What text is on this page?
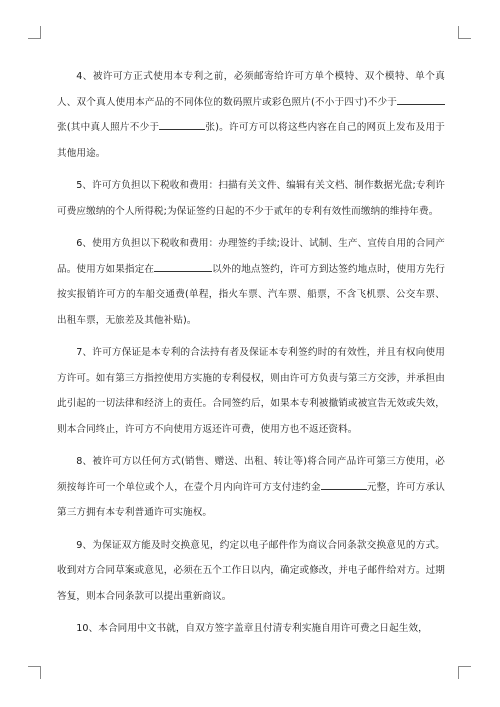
4、被许可方正式使用本专利之前，必须邮寄给许可方单个模特、双个模特、单个真人、双个真人使用本产品的不同体位的数码照片或彩色照片(不小于四寸)不少于张(其中真人照片不少于	张)。许可方可以将这些内容在自己的网页上发布及用于其他用途。

5、许可方负担以下税收和费用：扫描有关文件、编辑有关文档、制作数据光盘;专利许可费应缴纳的个人所得税;为保证签约日起的不少于贰年的专利有效性而缴纳的维持年费。

6、使用方负担以下税收和费用：办理签约手续;设计、试制、生产、宣传自用的合同产品。使用方如果指定在	以外的地点签约，许可方到达签约地点时，使用方先行按实报销许可方的车船交通费(单程，指火车票、汽车票、船票，不含飞机票、公交车票、出租车票，无旅差及其他补贴)。

7、许可方保证是本专利的合法持有者及保证本专利签约时的有效性，并且有权向使用方许可。如有第三方指控使用方实施的专利侵权，则由许可方负责与第三方交涉，并承担由此引起的一切法律和经济上的责任。合同签约后，如果本专利被撤销或被宣告无效或失效，则本合同终止，许可方不向使用方返还许可费，使用方也不返还资料。

8、被许可方以任何方式(销售、赠送、出租、转让等)将合同产品许可第三方使用，必须按每许可一个单位或个人，在壹个月内向许可方支付违约金	元整，许可方承认第三方拥有本专利普通许可实施权。

9、为保证双方能及时交换意见，约定以电子邮件作为商议合同条款交换意见的方式。收到对方合同草案或意见，必须在五个工作日以内，确定或修改，并电子邮件给对方。过期答复，则本合同条款可以提出重新商议。

10、本合同用中文书就，自双方签字盖章且付清专利实施自用许可费之日起生效，
